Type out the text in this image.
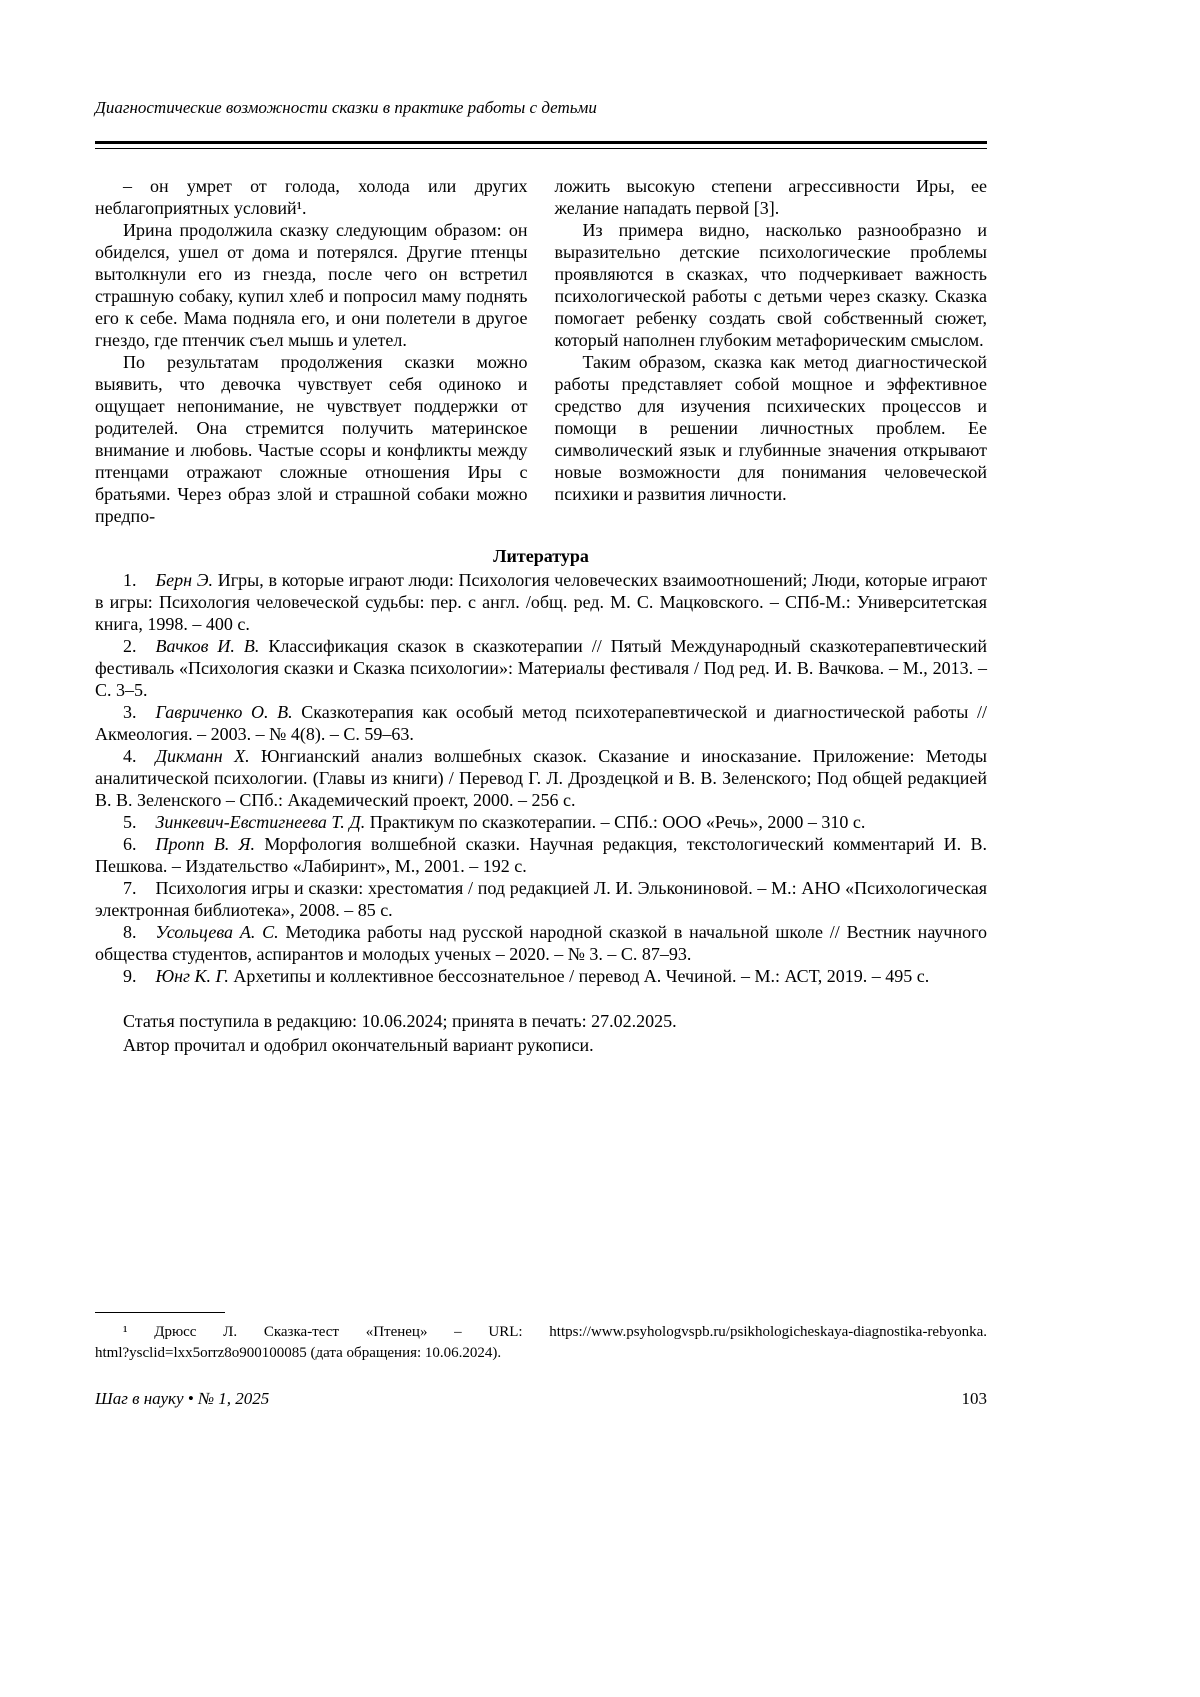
Диагностические возможности сказки в практике работы с детьми

– он умрет от голода, холода или других неблагоприятных условий¹.

Ирина продолжила сказку следующим образом: он обиделся, ушел от дома и потерялся. Другие птенцы вытолкнули его из гнезда, после чего он встретил страшную собаку, купил хлеб и попросил маму поднять его к себе. Мама подняла его, и они полетели в другое гнездо, где птенчик съел мышь и улетел.

По результатам продолжения сказки можно выявить, что девочка чувствует себя одиноко и ощущает непонимание, не чувствует поддержки от родителей. Она стремится получить материнское внимание и любовь. Частые ссоры и конфликты между птенцами отражают сложные отношения Иры с братьями. Через образ злой и страшной собаки можно предпо-

ложить высокую степени агрессивности Иры, ее желание нападать первой [3].

Из примера видно, насколько разнообразно и выразительно детские психологические проблемы проявляются в сказках, что подчеркивает важность психологической работы с детьми через сказку. Сказка помогает ребенку создать свой собственный сюжет, который наполнен глубоким метафорическим смыслом.

Таким образом, сказка как метод диагностической работы представляет собой мощное и эффективное средство для изучения психических процессов и помощи в решении личностных проблем. Ее символический язык и глубинные значения открывают новые возможности для понимания человеческой психики и развития личности.

Литература

1. Берн Э. Игры, в которые играют люди: Психология человеческих взаимоотношений; Люди, которые играют в игры: Психология человеческой судьбы: пер. с англ. /общ. ред. М. С. Мацковского. – СПб-М.: Университетская книга, 1998. – 400 с.

2. Вачков И. В. Классификация сказок в сказкотерапии // Пятый Международный сказкотерапевтический фестиваль «Психология сказки и Сказка психологии»: Материалы фестиваля / Под ред. И. В. Вачкова. – М., 2013. – С. 3–5.

3. Гавриченко О. В. Сказкотерапия как особый метод психотерапевтической и диагностической работы // Акмеология. – 2003. – № 4(8). – С. 59–63.

4. Дикманн Х. Юнгианский анализ волшебных сказок. Сказание и иносказание. Приложение: Методы аналитической психологии. (Главы из книги) / Перевод Г. Л. Дроздецкой и В. В. Зеленского; Под общей редакцией В. В. Зеленского – СПб.: Академический проект, 2000. – 256 с.

5. Зинкевич-Евстигнеева Т. Д. Практикум по сказкотерапии. – СПб.: ООО «Речь», 2000 – 310 с.

6. Пропп В. Я. Морфология волшебной сказки. Научная редакция, текстологический комментарий И. В. Пешкова. – Издательство «Лабиринт», М., 2001. – 192 с.

7. Психология игры и сказки: хрестоматия / под редакцией Л. И. Элькониновой. – М.: АНО «Психологическая электронная библиотека», 2008. – 85 с.

8. Усольцева А. С. Методика работы над русской народной сказкой в начальной школе // Вестник научного общества студентов, аспирантов и молодых ученых – 2020. – № 3. – С. 87–93.

9. Юнг К. Г. Архетипы и коллективное бессознательное / перевод А. Чечиной. – М.: АСТ, 2019. – 495 с.

Статья поступила в редакцию: 10.06.2024; принята в печать: 27.02.2025.

Автор прочитал и одобрил окончательный вариант рукописи.

¹ Дрюсс Л. Сказка-тест «Птенец» – URL: https://www.psyhologvspb.ru/psikhologicheskaya-diagnostika-rebyonka.

html?ysclid=lxx5orrz8o900100085 (дата обращения: 10.06.2024).

Шаг в науку • № 1, 2025	103
